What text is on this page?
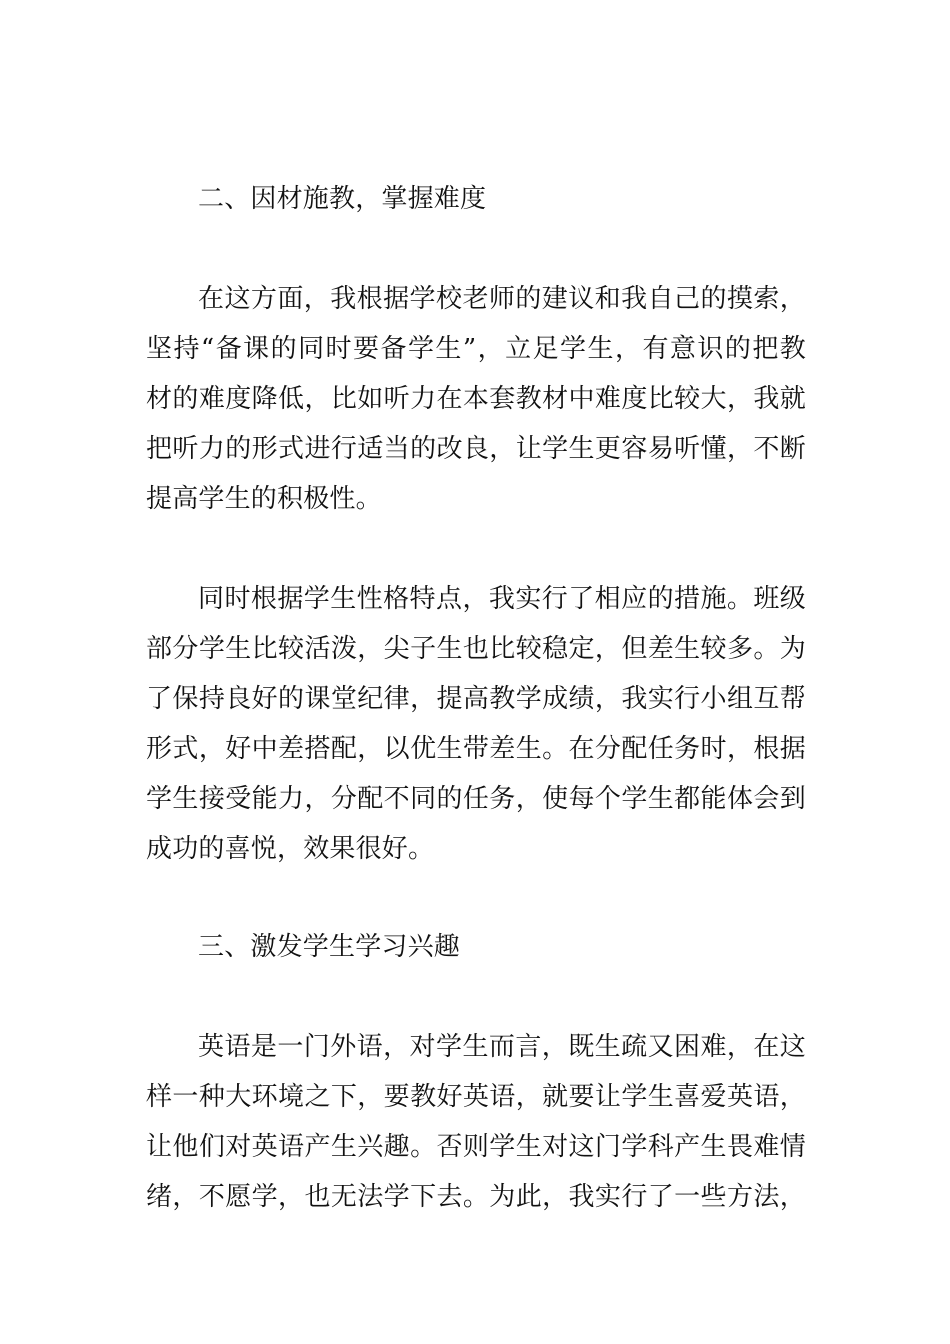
二、因材施教，掌握难度
在这方面，我根据学校老师的建议和我自己的摸索，
坚持“备课的同时要备学生”，立足学生，有意识的把教
材的难度降低，比如听力在本套教材中难度比较大，我就
把听力的形式进行适当的改良，让学生更容易听懂，不断
提高学生的积极性。
同时根据学生性格特点，我实行了相应的措施。班级
部分学生比较活泼，尖子生也比较稳定，但差生较多。为
了保持良好的课堂纪律，提高教学成绩，我实行小组互帮
形式，好中差搭配，以优生带差生。在分配任务时，根据
学生接受能力，分配不同的任务，使每个学生都能体会到
成功的喜悦，效果很好。
三、激发学生学习兴趣
英语是一门外语，对学生而言，既生疏又困难，在这
样一种大环境之下，要教好英语，就要让学生喜爱英语，
让他们对英语产生兴趣。否则学生对这门学科产生畏难情
绪，不愿学，也无法学下去。为此，我实行了一些方法，
